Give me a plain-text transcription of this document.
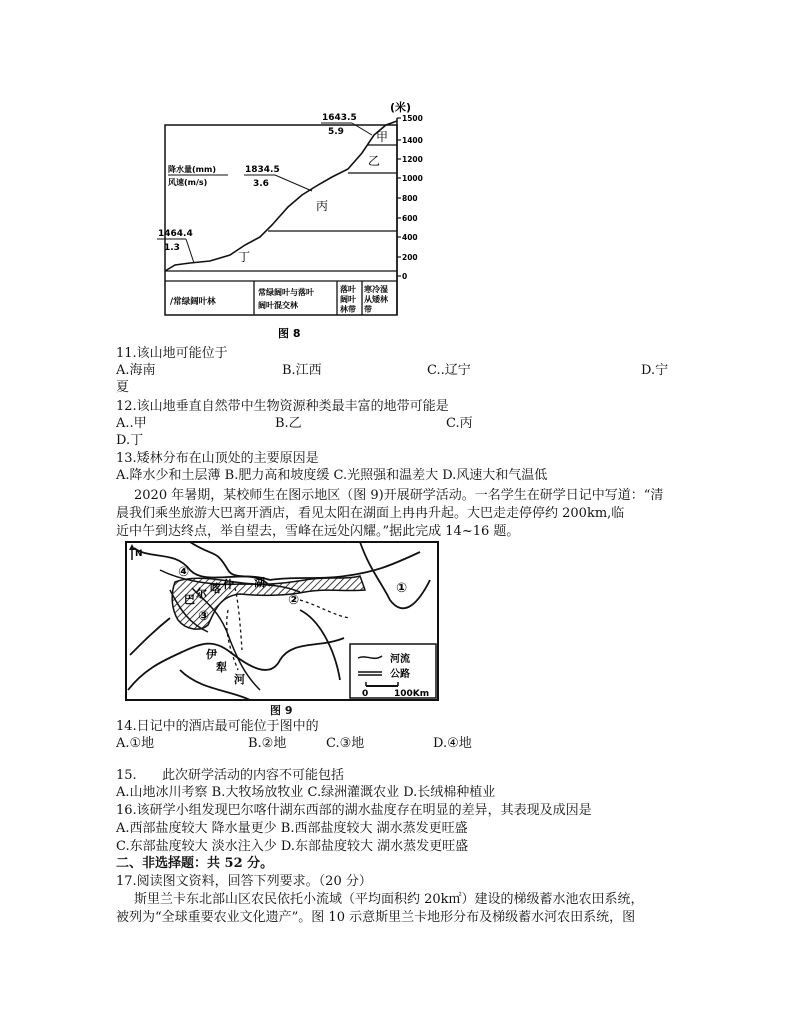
(米)
1500
1400
1200
1000
800
600
400
200
0
降水量(mm)
风速(m/s)
1643.5
5.9
1834.5
3.6
1464.4
1.3
甲
乙
丙
丁
/常绿阔叶林
常绿阔叶与落叶
阔叶混交林
落叶
阔叶
林带
寒冷湿
从矮林
带
图 8
11.该山地可能位于
A.海南	B.江西	C..辽宁	D.宁
夏
12.该山地垂直自然带中生物资源种类最丰富的地带可能是
A..甲	B.乙	C.丙
D.丁
13.矮林分布在山顶处的主要原因是
A.降水少和土层薄 B.肥力高和坡度缓 C.光照强和温差大 D.风速大和气温低
2020 年暑期，某校师生在图示地区（图 9)开展研学活动。一名学生在研学日记中写道：“清
晨我们乘坐旅游大巴离开酒店，看见太阳在湖面上冉冉升起。大巴走走停停约 200km,临
近中午到达终点，举自望去，雪峰在远处闪耀。”据此完成 14~16 题。
N
巴 尔 喀 什 湖
伊
犁
河
①
②
③
④
河流
公路
0	100Km
图 9
14.日记中的酒店最可能位于图中的
A.①地	B.②地	C.③地	D.④地
15. 此次研学活动的内容不可能包括
A.山地冰川考察 B.大牧场放牧业 C.绿洲灌溉农业 D.长绒棉种植业
16.该研学小组发现巴尔喀什湖东西部的湖水盐度存在明显的差异，其表现及成因是
A.西部盐度较大 降水量更少 B.西部盐度较大 湖水蒸发更旺盛
C.东部盐度较大 淡水注入少 D.东部盐度较大 湖水蒸发更旺盛
二、非选择题：共 52 分。
17.阅读图文资料，回答下列要求。（20 分）
斯里兰卡东北部山区农民依托小流域（平均面积约 20k㎡）建设的梯级蓄水池农田系统，
被列为“全球重要农业文化遗产”。图 10 示意斯里兰卡地形分布及梯级蓄水河农田系统，图
